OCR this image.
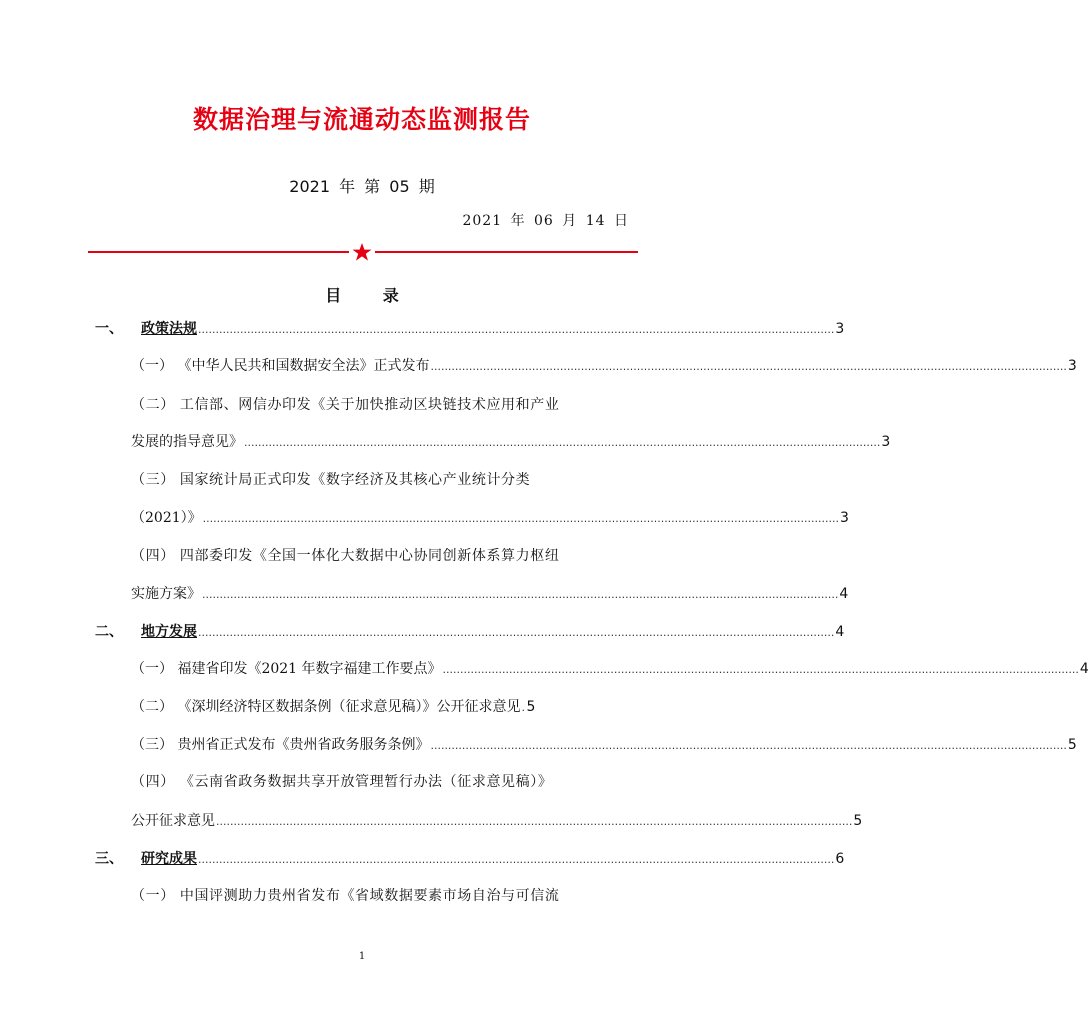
数据治理与流通动态监测报告
2021 年 第 05 期
2021 年 06 月 14 日
目 录
一、 政策法规 ...................................................................................................................................................................................... 3
（一） 《中华人民共和国数据安全法》正式发布 ...................................................................................................................................................................................... 3
（二） 工信部、网信办印发《关于加快推动区块链技术应用和产业
发展的指导意见》 ...................................................................................................................................................................................... 3
（三） 国家统计局正式印发《数字经济及其核心产业统计分类
（2021）》 ...................................................................................................................................................................................... 3
（四） 四部委印发《全国一体化大数据中心协同创新体系算力枢纽
实施方案》 ...................................................................................................................................................................................... 4
二、 地方发展 ...................................................................................................................................................................................... 4
（一） 福建省印发《2021 年数字福建工作要点》 ...................................................................................................................................................................................... 4
（二） 《深圳经济特区数据条例（征求意见稿）》公开征求意见 . 5
（三） 贵州省正式发布《贵州省政务服务条例》 ...................................................................................................................................................................................... 5
（四） 《云南省政务数据共享开放管理暂行办法（征求意见稿）》
公开征求意见 ...................................................................................................................................................................................... 5
三、 研究成果 ...................................................................................................................................................................................... 6
（一） 中国评测助力贵州省发布《省域数据要素市场自治与可信流
1
